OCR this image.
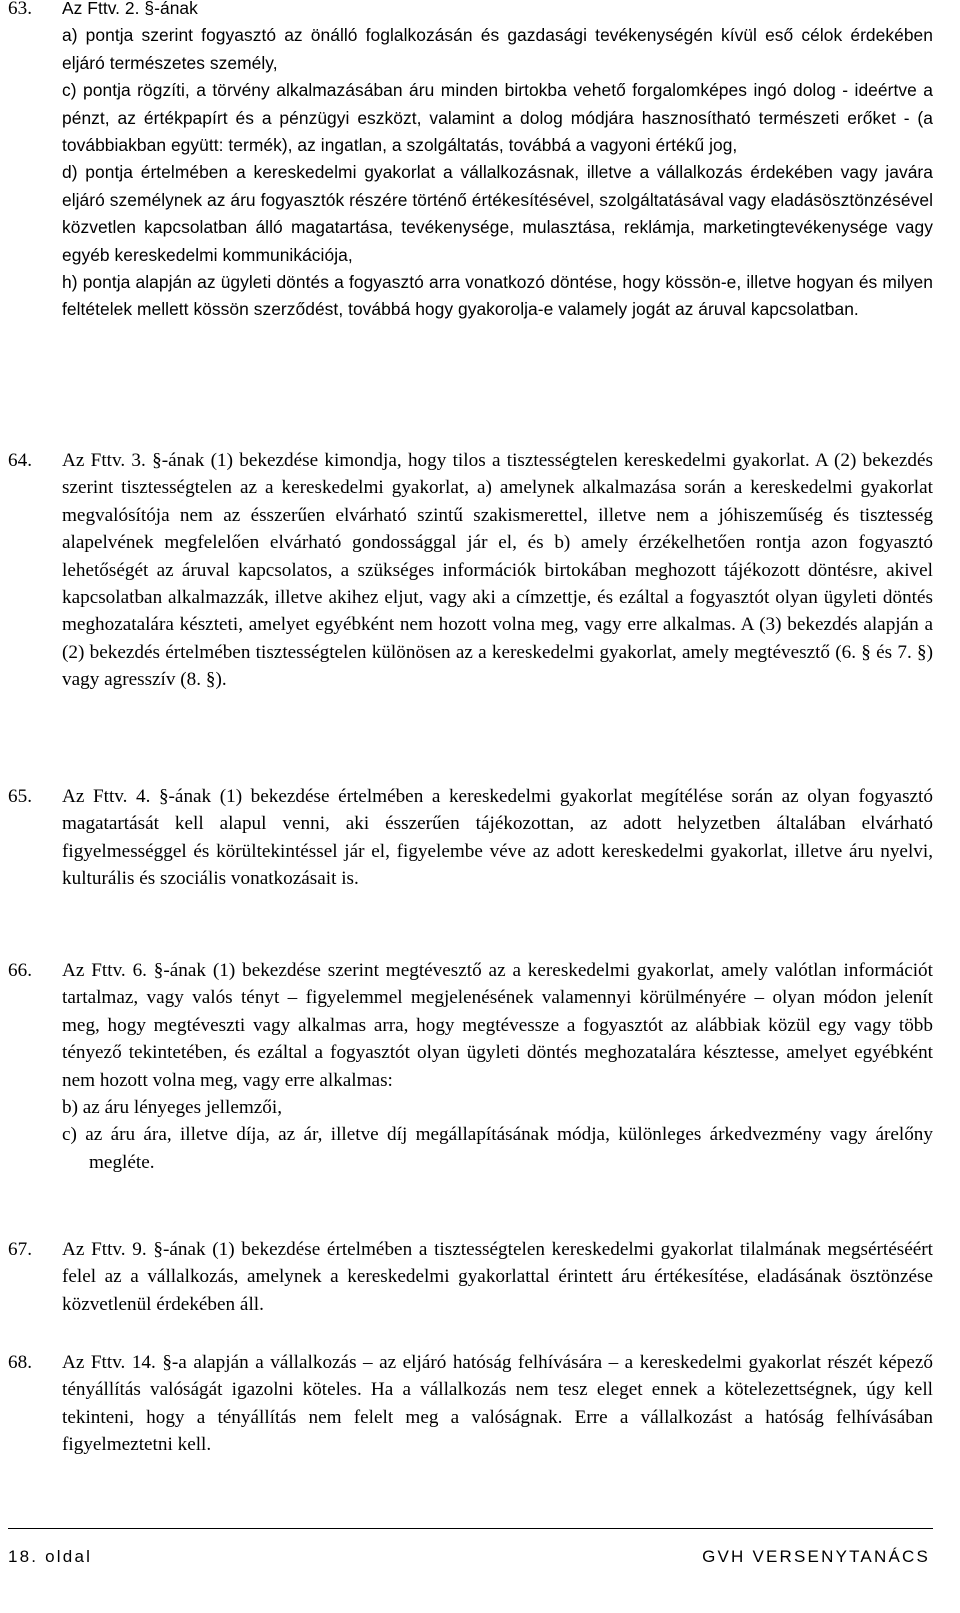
63. Az Fttv. 2. §-ának

a) pontja szerint fogyasztó az önálló foglalkozásán és gazdasági tevékenységén kívül eső célok érdekében eljáró természetes személy,

c) pontja rögzíti, a törvény alkalmazásában áru minden birtokba vehető forgalomképes ingó dolog - ideértve a pénzt, az értékpapírt és a pénzügyi eszközt, valamint a dolog módjára hasznosítható természeti erőket - (a továbbiakban együtt: termék), az ingatlan, a szolgáltatás, továbbá a vagyoni értékű jog,

d) pontja értelmében a kereskedelmi gyakorlat a vállalkozásnak, illetve a vállalkozás érdekében vagy javára eljáró személynek az áru fogyasztók részére történő értékesítésével, szolgáltatásával vagy eladásösztönzésével közvetlen kapcsolatban álló magatartása, tevékenysége, mulasztása, reklámja, marketingtevékenysége vagy egyéb kereskedelmi kommunikációja,

h) pontja alapján az ügyleti döntés a fogyasztó arra vonatkozó döntése, hogy kössön-e, illetve hogyan és milyen feltételek mellett kössön szerződést, továbbá hogy gyakorolja-e valamely jogát az áruval kapcsolatban.

64. Az Fttv. 3. §-ának (1) bekezdése kimondja, hogy tilos a tisztességtelen kereskedelmi gyakorlat. A (2) bekezdés szerint tisztességtelen az a kereskedelmi gyakorlat, a) amelynek alkalmazása során a kereskedelmi gyakorlat megvalósítója nem az ésszerűen elvárható szintű szakismerettel, illetve nem a jóhiszeműség és tisztesség alapelvének megfelelően elvárható gondossággal jár el, és b) amely érzékelhetően rontja azon fogyasztó lehetőségét az áruval kapcsolatos, a szükséges információk birtokában meghozott tájékozott döntésre, akivel kapcsolatban alkalmazzák, illetve akihez eljut, vagy aki a címzettje, és ezáltal a fogyasztót olyan ügyleti döntés meghozatalára készteti, amelyet egyébként nem hozott volna meg, vagy erre alkalmas. A (3) bekezdés alapján a (2) bekezdés értelmében tisztességtelen különösen az a kereskedelmi gyakorlat, amely megtévesztő (6. § és 7. §) vagy agresszív (8. §).

65. Az Fttv. 4. §-ának (1) bekezdése értelmében a kereskedelmi gyakorlat megítélése során az olyan fogyasztó magatartását kell alapul venni, aki ésszerűen tájékozottan, az adott helyzetben általában elvárható figyelmességgel és körültekintéssel jár el, figyelembe véve az adott kereskedelmi gyakorlat, illetve áru nyelvi, kulturális és szociális vonatkozásait is.

66. Az Fttv. 6. §-ának (1) bekezdése szerint megtévesztő az a kereskedelmi gyakorlat, amely valótlan információt tartalmaz, vagy valós tényt – figyelemmel megjelenésének valamennyi körülményére – olyan módon jelenít meg, hogy megtéveszti vagy alkalmas arra, hogy megtévessze a fogyasztót az alábbiak közül egy vagy több tényező tekintetében, és ezáltal a fogyasztót olyan ügyleti döntés meghozatalára késztesse, amelyet egyébként nem hozott volna meg, vagy erre alkalmas:

b) az áru lényeges jellemzői,

c) az áru ára, illetve díja, az ár, illetve díj megállapításának módja, különleges árkedvezmény vagy árelőny megléte.

67. Az Fttv. 9. §-ának (1) bekezdése értelmében a tisztességtelen kereskedelmi gyakorlat tilalmának megsértéséért felel az a vállalkozás, amelynek a kereskedelmi gyakorlattal érintett áru értékesítése, eladásának ösztönzése közvetlenül érdekében áll.

68. Az Fttv. 14. §-a alapján a vállalkozás – az eljáró hatóság felhívására – a kereskedelmi gyakorlat részét képező tényállítás valóságát igazolni köteles. Ha a vállalkozás nem tesz eleget ennek a kötelezettségnek, úgy kell tekinteni, hogy a tényállítás nem felelt meg a valóságnak. Erre a vállalkozást a hatóság felhívásában figyelmeztetni kell.

18. oldal	GVH VERSENYTANÁCS
